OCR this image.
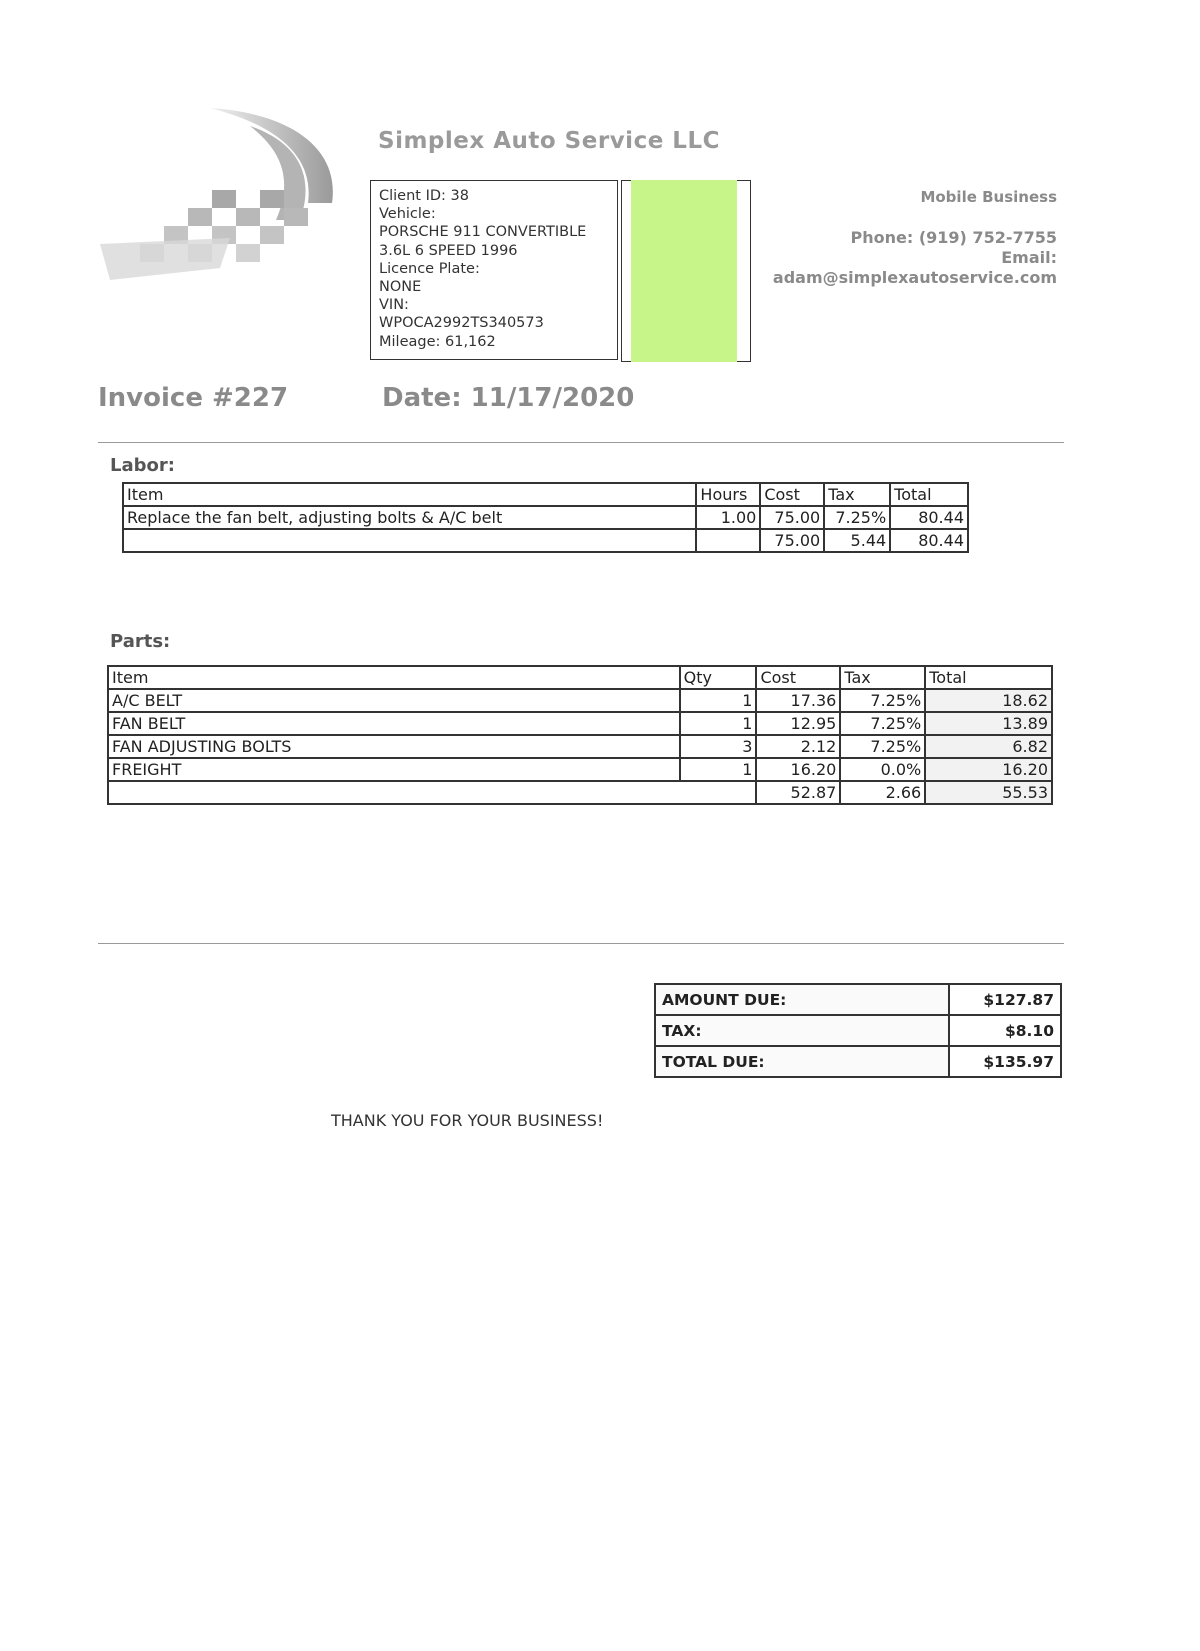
Simplex Auto Service LLC
Client ID: 38
Vehicle:
PORSCHE 911 CONVERTIBLE
3.6L 6 SPEED 1996
Licence Plate:
NONE
VIN:
WPOCA2992TS340573
Mileage: 61,162
Mobile Business
Phone: (919) 752-7755
Email:
adam@simplexautoservice.com
Invoice #227	Date: 11/17/2020
Labor:
Item	Hours	Cost	Tax	Total
Replace the fan belt, adjusting bolts & A/C belt	1.00	75.00	7.25%	80.44
		75.00	5.44	80.44
Parts:
Item	Qty	Cost	Tax	Total
A/C BELT	1	17.36	7.25%	18.62
FAN BELT	1	12.95	7.25%	13.89
FAN ADJUSTING BOLTS	3	2.12	7.25%	6.82
FREIGHT	1	16.20	0.0%	16.20
		52.87	2.66	55.53
AMOUNT DUE:	$127.87
TAX:	$8.10
TOTAL DUE:	$135.97
THANK YOU FOR YOUR BUSINESS!
